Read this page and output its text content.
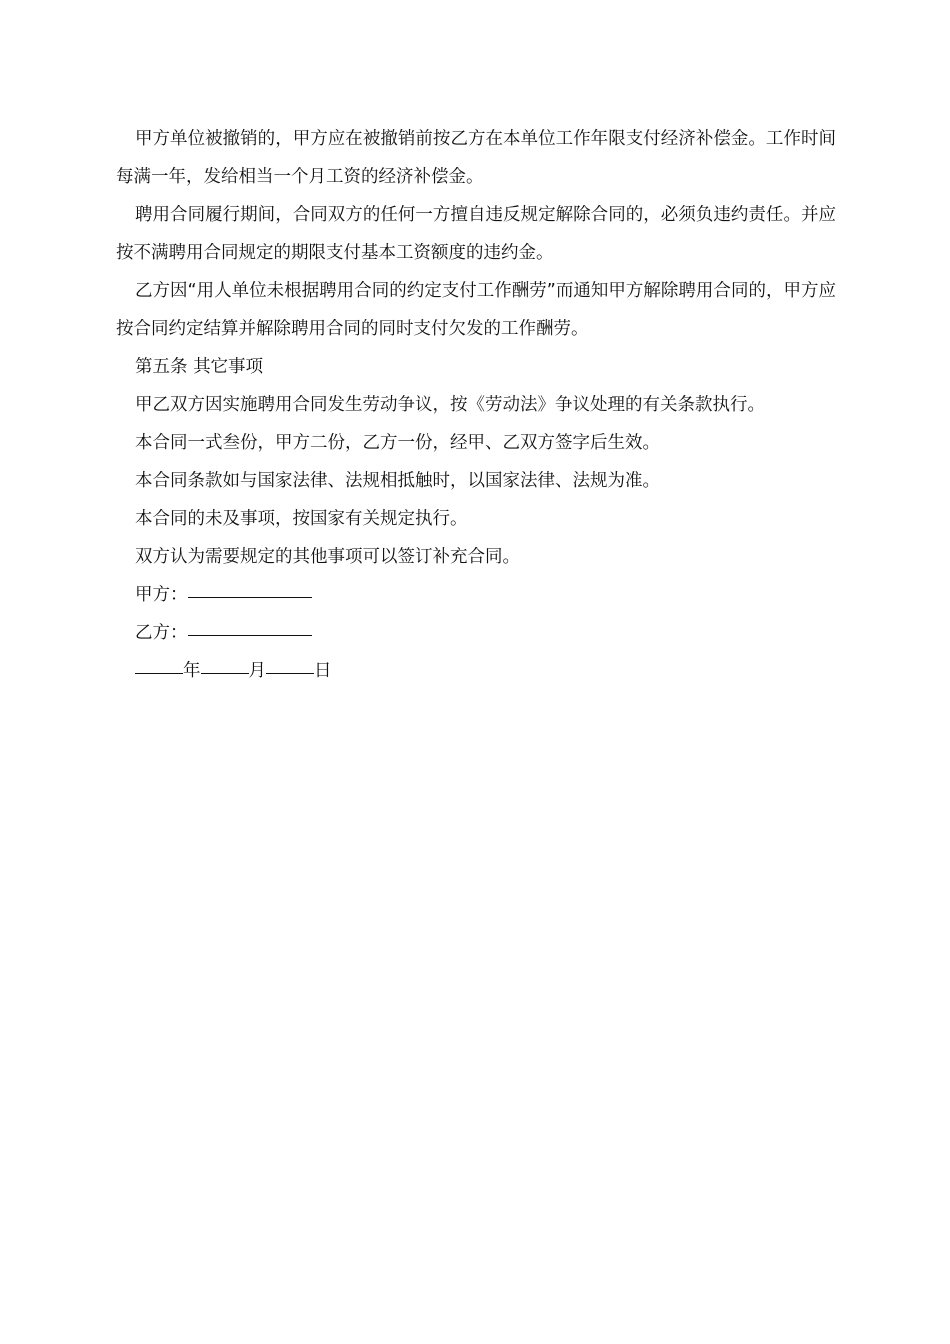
甲方单位被撤销的，甲方应在被撤销前按乙方在本单位工作年限支付经济补偿金。工作时间每满一年，发给相当一个月工资的经济补偿金。

聘用合同履行期间，合同双方的任何一方擅自违反规定解除合同的，必须负违约责任。并应按不满聘用合同规定的期限支付基本工资额度的违约金。

乙方因“用人单位未根据聘用合同的约定支付工作酬劳”而通知甲方解除聘用合同的，甲方应按合同约定结算并解除聘用合同的同时支付欠发的工作酬劳。

第五条 其它事项

甲乙双方因实施聘用合同发生劳动争议，按《劳动法》争议处理的有关条款执行。

本合同一式叁份，甲方二份，乙方一份，经甲、乙双方签字后生效。

本合同条款如与国家法律、法规相抵触时，以国家法律、法规为准。

本合同的未及事项，按国家有关规定执行。

双方认为需要规定的其他事项可以签订补充合同。

甲方：

乙方：

年	月	日
